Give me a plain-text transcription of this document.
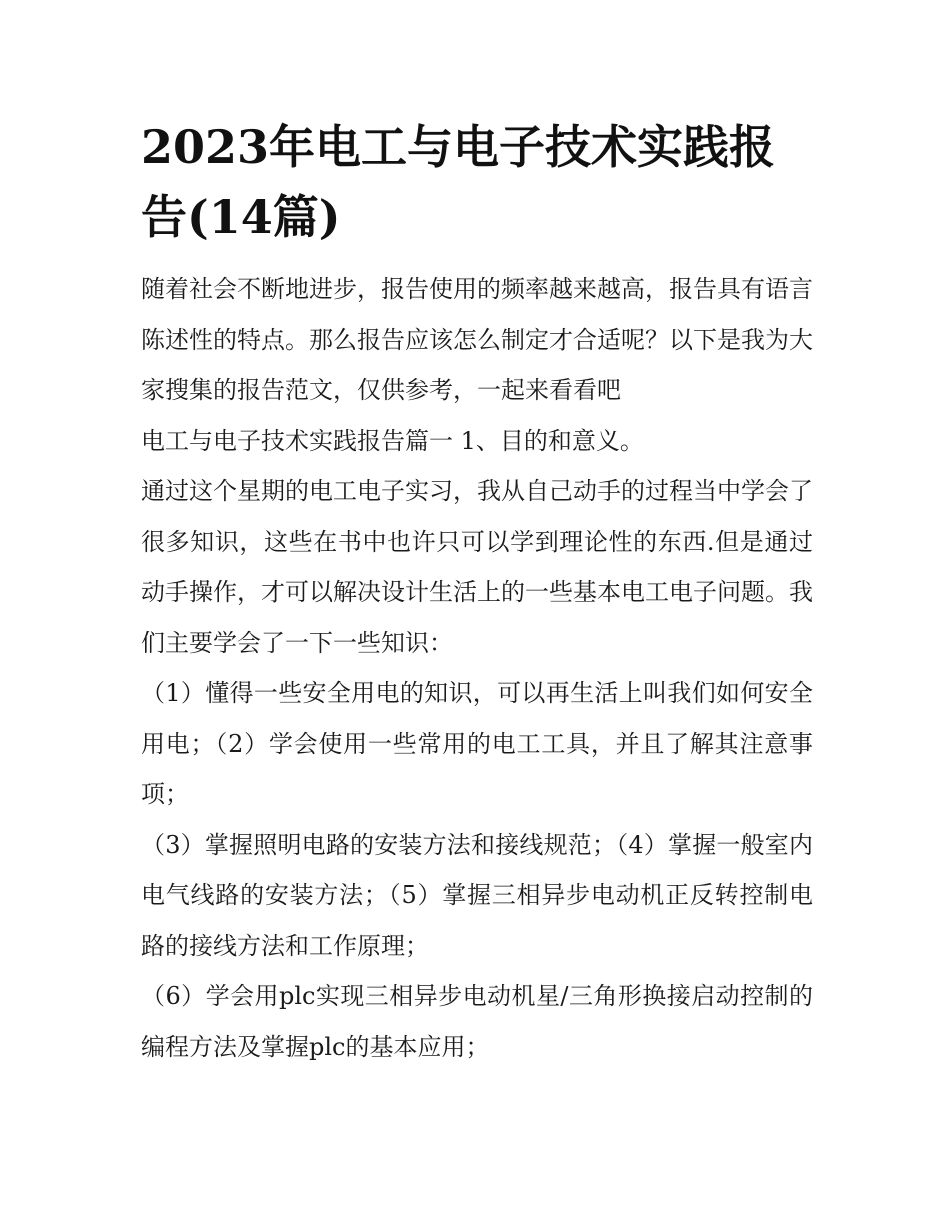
2023年电工与电子技术实践报告(14篇)

随着社会不断地进步，报告使用的频率越来越高，报告具有语言陈述性的特点。那么报告应该怎么制定才合适呢？以下是我为大家搜集的报告范文，仅供参考，一起来看看吧

电工与电子技术实践报告篇一 1、目的和意义。

通过这个星期的电工电子实习，我从自己动手的过程当中学会了很多知识，这些在书中也许只可以学到理论性的东西.但是通过动手操作，才可以解决设计生活上的一些基本电工电子问题。我们主要学会了一下一些知识：

（1）懂得一些安全用电的知识，可以再生活上叫我们如何安全用电；（2）学会使用一些常用的电工工具，并且了解其注意事项；

（3）掌握照明电路的安装方法和接线规范；（4）掌握一般室内电气线路的安装方法；（5）掌握三相异步电动机正反转控制电路的接线方法和工作原理；

（6）学会用plc实现三相异步电动机星/三角形换接启动控制的编程方法及掌握plc的基本应用；
